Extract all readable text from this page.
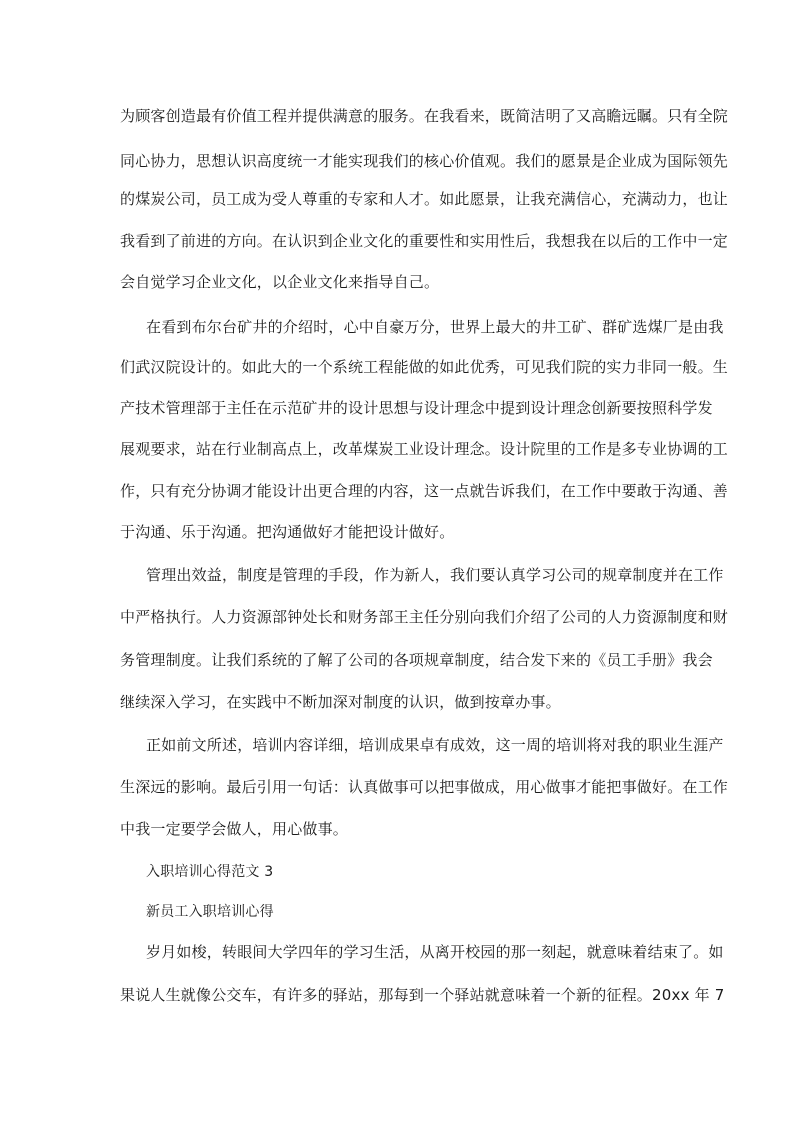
为顾客创造最有价值工程并提供满意的服务。在我看来，既简洁明了又高瞻远瞩。只有全院
同心协力，思想认识高度统一才能实现我们的核心价值观。我们的愿景是企业成为国际领先
的煤炭公司，员工成为受人尊重的专家和人才。如此愿景，让我充满信心，充满动力，也让
我看到了前进的方向。在认识到企业文化的重要性和实用性后，我想我在以后的工作中一定
会自觉学习企业文化，以企业文化来指导自己。
在看到布尔台矿井的介绍时，心中自豪万分，世界上最大的井工矿、群矿选煤厂是由我
们武汉院设计的。如此大的一个系统工程能做的如此优秀，可见我们院的实力非同一般。生
产技术管理部于主任在示范矿井的设计思想与设计理念中提到设计理念创新要按照科学发
展观要求，站在行业制高点上，改革煤炭工业设计理念。设计院里的工作是多专业协调的工
作，只有充分协调才能设计出更合理的内容，这一点就告诉我们，在工作中要敢于沟通、善
于沟通、乐于沟通。把沟通做好才能把设计做好。
管理出效益，制度是管理的手段，作为新人，我们要认真学习公司的规章制度并在工作
中严格执行。人力资源部钟处长和财务部王主任分别向我们介绍了公司的人力资源制度和财
务管理制度。让我们系统的了解了公司的各项规章制度，结合发下来的《员工手册》我会
继续深入学习，在实践中不断加深对制度的认识，做到按章办事。
正如前文所述，培训内容详细，培训成果卓有成效，这一周的培训将对我的职业生涯产
生深远的影响。最后引用一句话：认真做事可以把事做成，用心做事才能把事做好。在工作
中我一定要学会做人，用心做事。
入职培训心得范文 3
新员工入职培训心得
岁月如梭，转眼间大学四年的学习生活，从离开校园的那一刻起，就意味着结束了。如
果说人生就像公交车，有许多的驿站，那每到一个驿站就意味着一个新的征程。20xx 年 7
